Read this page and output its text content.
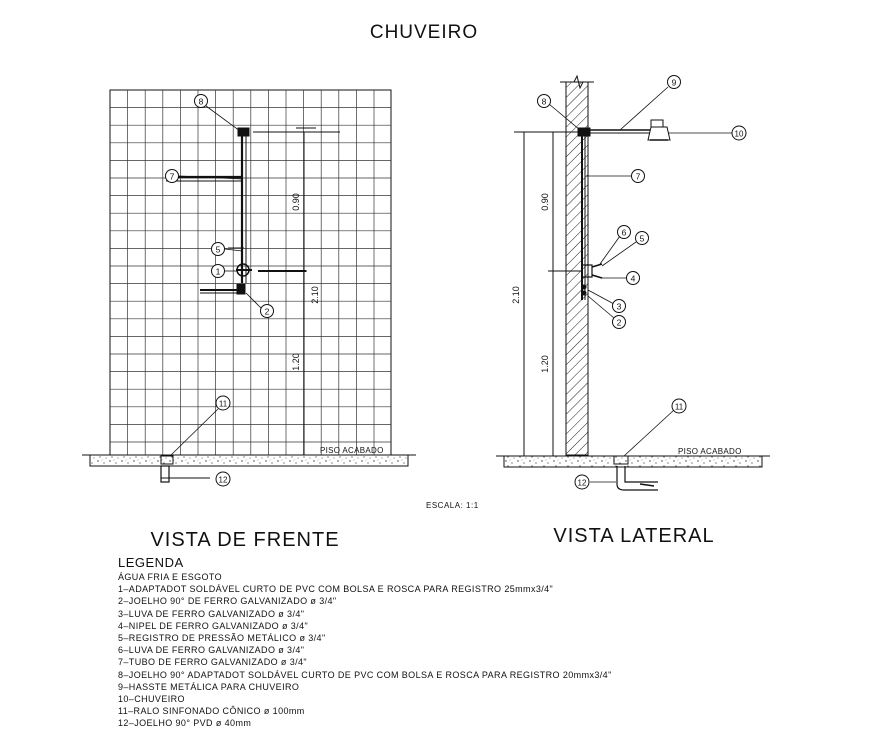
CHUVEIRO
PISO ACABADO
0.90
2.10
1.20
8
7
5
1
2
11
12
VISTA DE FRENTE
PISO ACABADO
2.10
0.90
1.20
9
8
10
7
6
5
4
3
2
11
12
VISTA LATERAL
ESCALA: 1:1
LEGENDA
ÁGUA FRIA E ESGOTO
1–ADAPTADOT SOLDÁVEL CURTO DE PVC COM BOLSA E ROSCA PARA REGISTRO 25mmx3/4"
2–JOELHO 90° DE FERRO GALVANIZADO ø 3/4"
3–LUVA DE FERRO GALVANIZADO ø 3/4"
4–NIPEL DE FERRO GALVANIZADO ø 3/4"
5–REGISTRO DE PRESSÃO METÁLICO ø 3/4"
6–LUVA DE FERRO GALVANIZADO ø 3/4"
7–TUBO DE FERRO GALVANIZADO ø 3/4"
8–JOELHO 90° ADAPTADOT SOLDÁVEL CURTO DE PVC COM BOLSA E ROSCA PARA REGISTRO 20mmx3/4"
9–HASSTE METÁLICA PARA CHUVEIRO
10–CHUVEIRO
11–RALO SINFONADO CÔNICO ø 100mm
12–JOELHO 90° PVD ø 40mm
